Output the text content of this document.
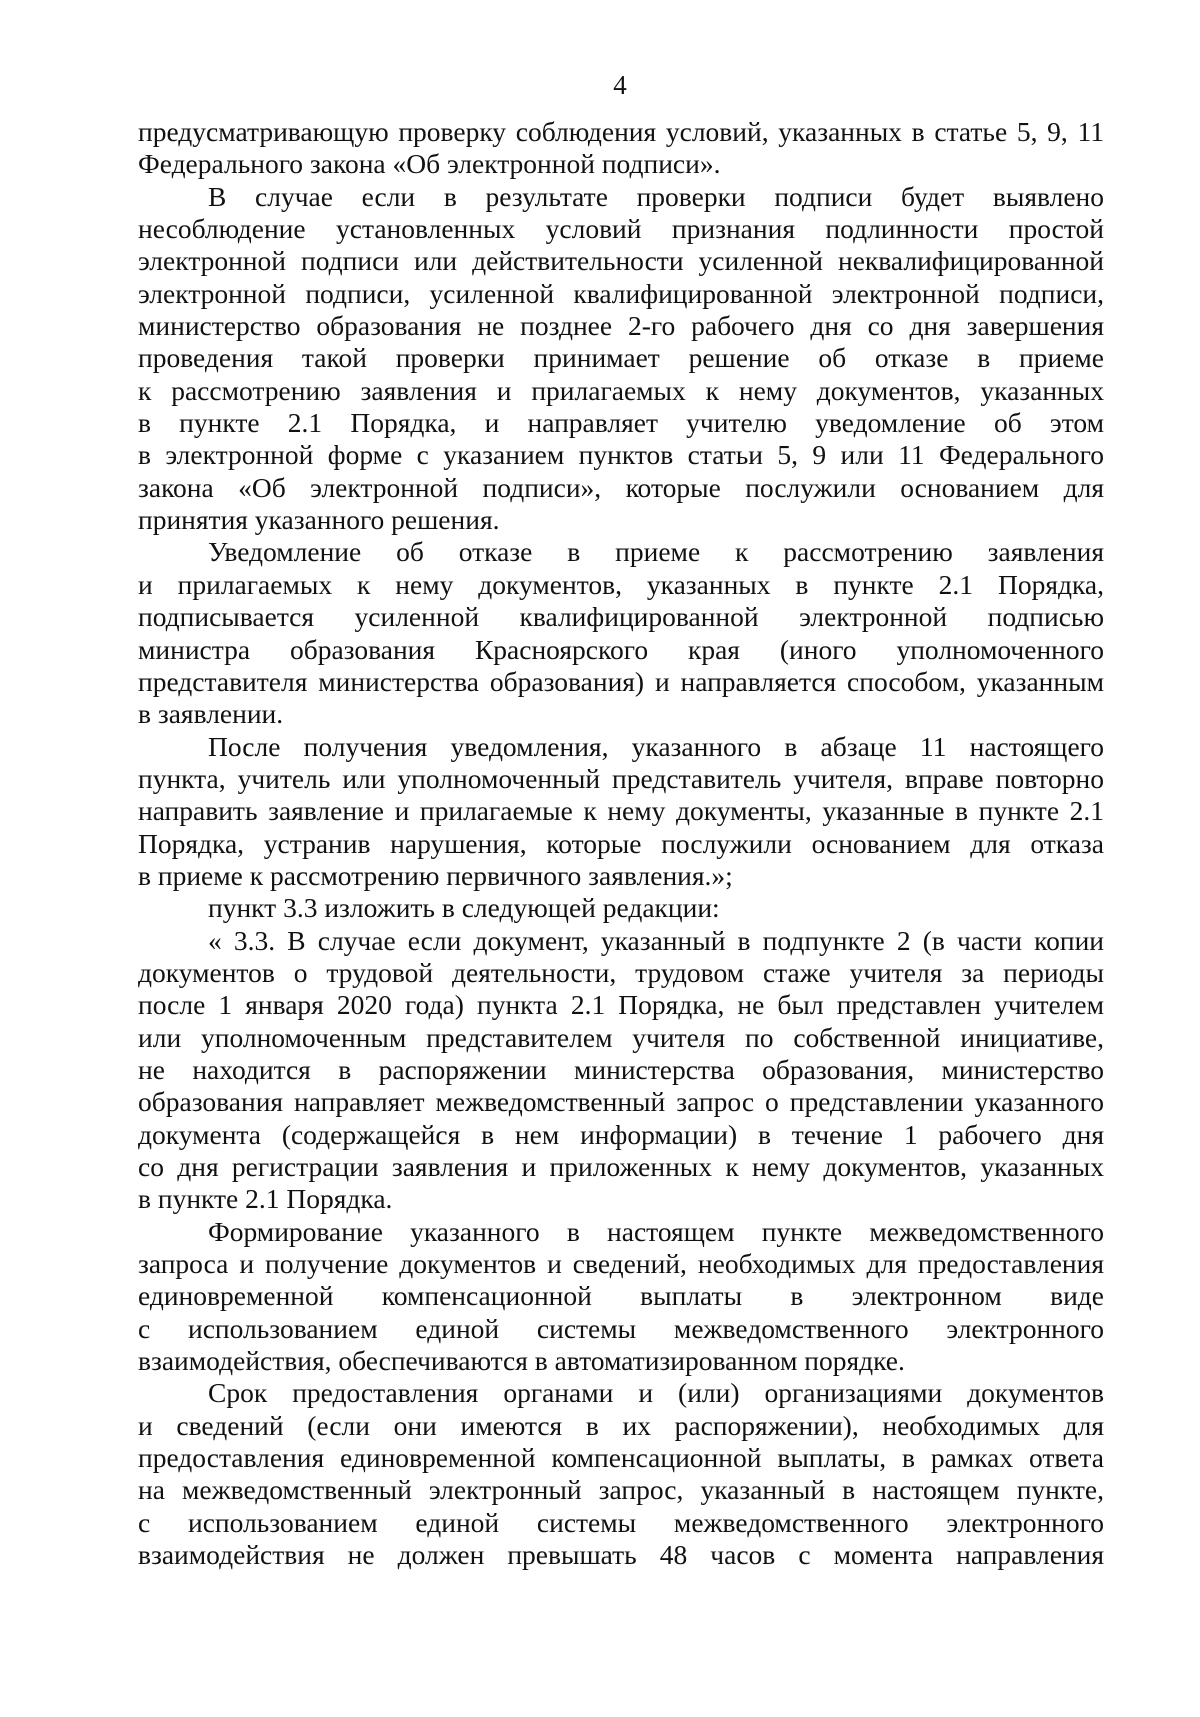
4
предусматривающую проверку соблюдения условий, указанных в статье 5, 9, 11
Федерального закона «Об электронной подписи».
В случае если в результате проверки подписи будет выявлено
несоблюдение установленных условий признания подлинности простой
электронной подписи или действительности усиленной неквалифицированной
электронной подписи, усиленной квалифицированной электронной подписи,
министерство образования не позднее 2-го рабочего дня со дня завершения
проведения такой проверки принимает решение об отказе в приеме
к рассмотрению заявления и прилагаемых к нему документов, указанных
в пункте 2.1 Порядка, и направляет учителю уведомление об этом
в электронной форме с указанием пунктов статьи 5, 9 или 11 Федерального
закона «Об электронной подписи», которые послужили основанием для
принятия указанного решения.
Уведомление об отказе в приеме к рассмотрению заявления
и прилагаемых к нему документов, указанных в пункте 2.1 Порядка,
подписывается усиленной квалифицированной электронной подписью
министра образования Красноярского края (иного уполномоченного
представителя министерства образования) и направляется способом, указанным
в заявлении.
После получения уведомления, указанного в абзаце 11 настоящего
пункта, учитель или уполномоченный представитель учителя, вправе повторно
направить заявление и прилагаемые к нему документы, указанные в пункте 2.1
Порядка, устранив нарушения, которые послужили основанием для отказа
в приеме к рассмотрению первичного заявления.»;
пункт 3.3 изложить в следующей редакции:
« 3.3. В случае если документ, указанный в подпункте 2 (в части копии
документов о трудовой деятельности, трудовом стаже учителя за периоды
после 1 января 2020 года) пункта 2.1 Порядка, не был представлен учителем
или уполномоченным представителем учителя по собственной инициативе,
не находится в распоряжении министерства образования, министерство
образования направляет межведомственный запрос о представлении указанного
документа (содержащейся в нем информации) в течение 1 рабочего дня
со дня регистрации заявления и приложенных к нему документов, указанных
в пункте 2.1 Порядка.
Формирование указанного в настоящем пункте межведомственного
запроса и получение документов и сведений, необходимых для предоставления
единовременной компенсационной выплаты в электронном виде
с использованием единой системы межведомственного электронного
взаимодействия, обеспечиваются в автоматизированном порядке.
Срок предоставления органами и (или) организациями документов
и сведений (если они имеются в их распоряжении), необходимых для
предоставления единовременной компенсационной выплаты, в рамках ответа
на межведомственный электронный запрос, указанный в настоящем пункте,
с использованием единой системы межведомственного электронного
взаимодействия не должен превышать 48 часов с момента направления
